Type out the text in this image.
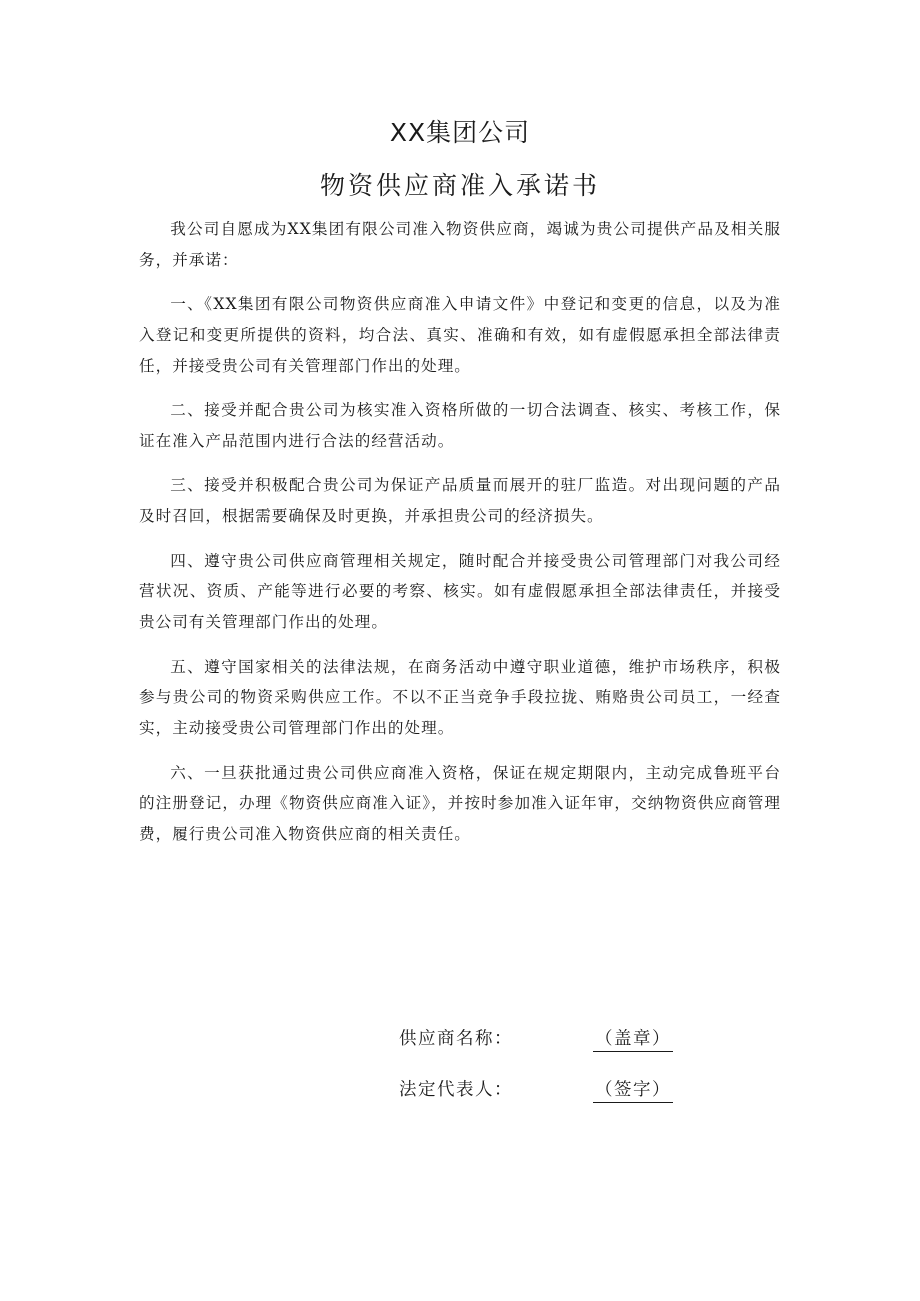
XX集团公司
物资供应商准入承诺书

我公司自愿成为XX集团有限公司准入物资供应商，竭诚为贵公司提供产品及相关服务，并承诺：

一、《XX集团有限公司物资供应商准入申请文件》中登记和变更的信息，以及为准入登记和变更所提供的资料，均合法、真实、准确和有效，如有虚假愿承担全部法律责任，并接受贵公司有关管理部门作出的处理。

二、接受并配合贵公司为核实准入资格所做的一切合法调查、核实、考核工作，保证在准入产品范围内进行合法的经营活动。

三、接受并积极配合贵公司为保证产品质量而展开的驻厂监造。对出现问题的产品及时召回，根据需要确保及时更换，并承担贵公司的经济损失。

四、遵守贵公司供应商管理相关规定，随时配合并接受贵公司管理部门对我公司经营状况、资质、产能等进行必要的考察、核实。如有虚假愿承担全部法律责任，并接受贵公司有关管理部门作出的处理。

五、遵守国家相关的法律法规，在商务活动中遵守职业道德，维护市场秩序，积极参与贵公司的物资采购供应工作。不以不正当竞争手段拉拢、贿赂贵公司员工，一经查实，主动接受贵公司管理部门作出的处理。

六、一旦获批通过贵公司供应商准入资格，保证在规定期限内，主动完成鲁班平台的注册登记，办理《物资供应商准入证》，并按时参加准入证年审，交纳物资供应商管理费，履行贵公司准入物资供应商的相关责任。

供应商名称：	（盖章）
法定代表人：	（签字）
